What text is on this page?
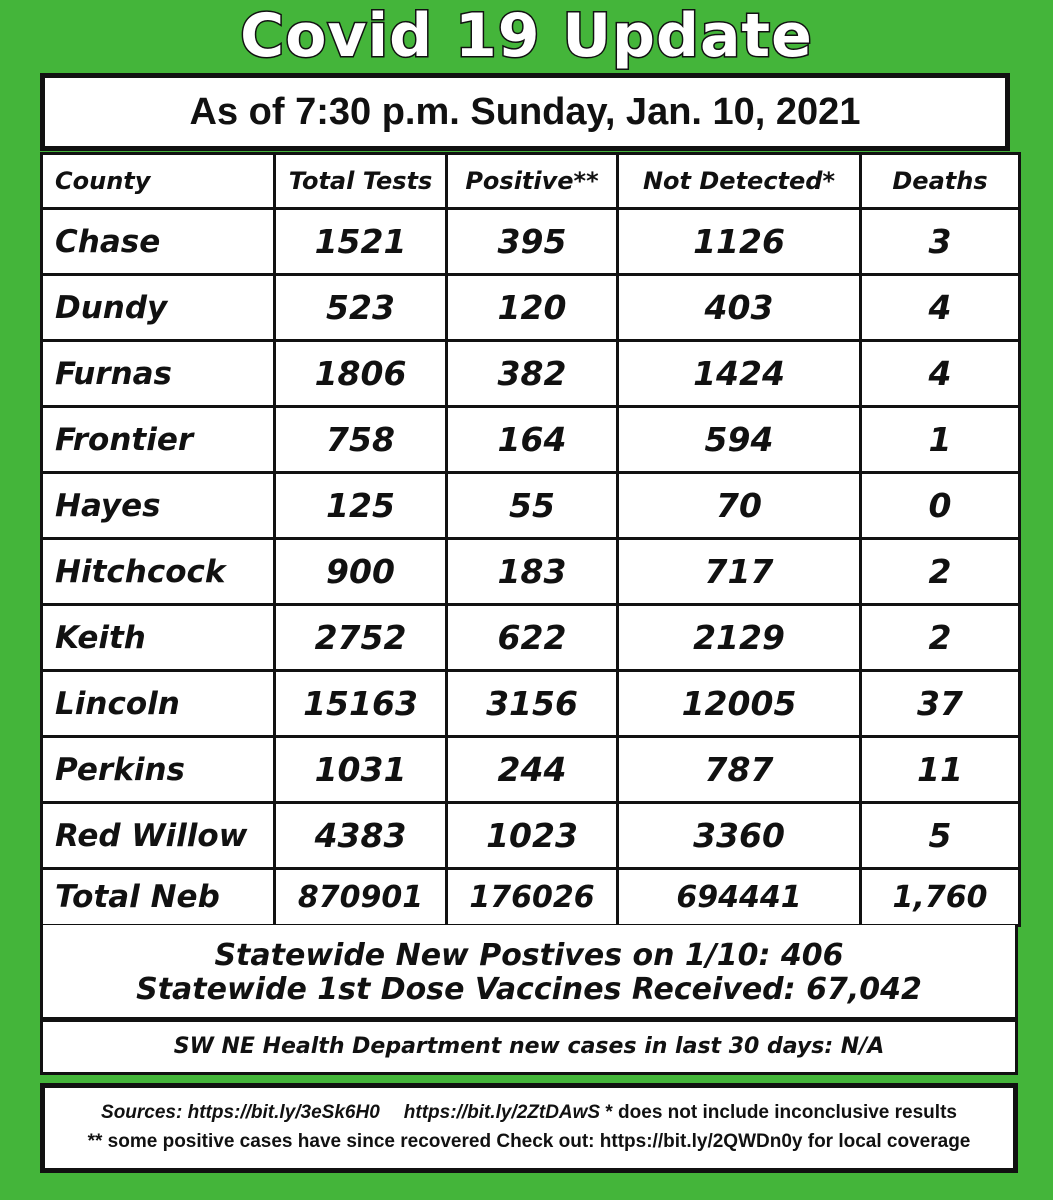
Covid 19 Update
As of 7:30 p.m. Sunday, Jan. 10, 2021
County	Total Tests	Positive**	Not Detected*	Deaths
Chase	1521	395	1126	3
Dundy	523	120	403	4
Furnas	1806	382	1424	4
Frontier	758	164	594	1
Hayes	125	55	70	0
Hitchcock	900	183	717	2
Keith	2752	622	2129	2
Lincoln	15163	3156	12005	37
Perkins	1031	244	787	11
Red Willow	4383	1023	3360	5
Total Neb	870901	176026	694441	1,760
Statewide New Postives on 1/10: 406
Statewide 1st Dose Vaccines Received: 67,042
SW NE Health Department new cases in last 30 days: N/A
Sources: https://bit.ly/3eSk6H0 https://bit.ly/2ZtDAwS * does not include inconclusive results
** some positive cases have since recovered Check out: https://bit.ly/2QWDn0y for local coverage
